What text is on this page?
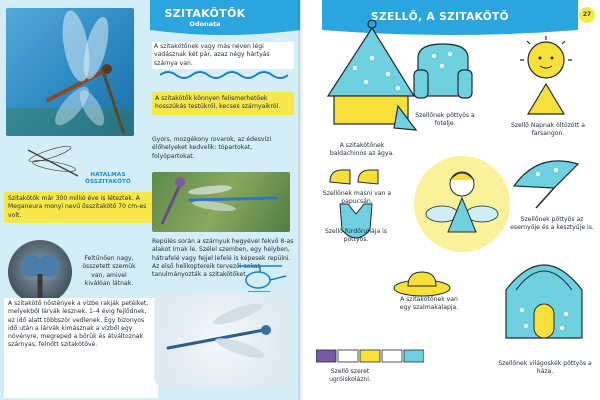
SZITAKÖTŐK
Odonata
HATALMAS ŐSSZITAKÖTŐ
A szitakötőnek vagy más néven légi vadásznak két pár, azaz négy hártyás szárnya van.
A szitakötők könnyen felismerhetőek hosszúkás testükről, kecses szárnyaikról.
Gyors, mozgékony rovarok, az édesvízi élőhelyeket kedvelik: tópartokat, folyópartokat.
Szitakötők már 300 millió éve is léteztek. A Meganeura monyi nevű ősszitakötő 70 cm-es volt.
Feltűnően nagy, összetett szemük van, amivel kiválóan látnak.
Repülés során a szárnyuk hegyével fekvő 8-as alakot írnak le. Szélel szemben, egy helyben, hátrafelé vagy fejjel lefelé is képesek repülni. Az első helikoptereik tervezői sokat tanulmányozták a szitakötőket.
A szitakötő nőstények a vízbe rakják petéiket, melyekből lárvák lesznek. 1–4 évig fejlődnek, ez idő alatt többször vedlenek. Egy bizonyos idő után a lárvák kimásznak a vízből egy növényre, megreped a bőrük és átváltoznak szárnyas, felnőtt szitakötővé.
SZELLŐ, A SZITAKÖTŐ	27
A szitakötőnek baldachinos az ágya.
Szellőnek pöttyös a fotelje.	Szellő Napnak öltözött a farsangon.
Szellőnek masni van a papucsán.
Szellő fürdőruhája is pöttyös.
Szellőnek pöttyös az esernyője és a kesztyűje is.
A szitakötőnek van egy szalmakalapja.
Szellő szeret ugróiskolázni.
Szellőnek világoskék pöttyös a háza.
